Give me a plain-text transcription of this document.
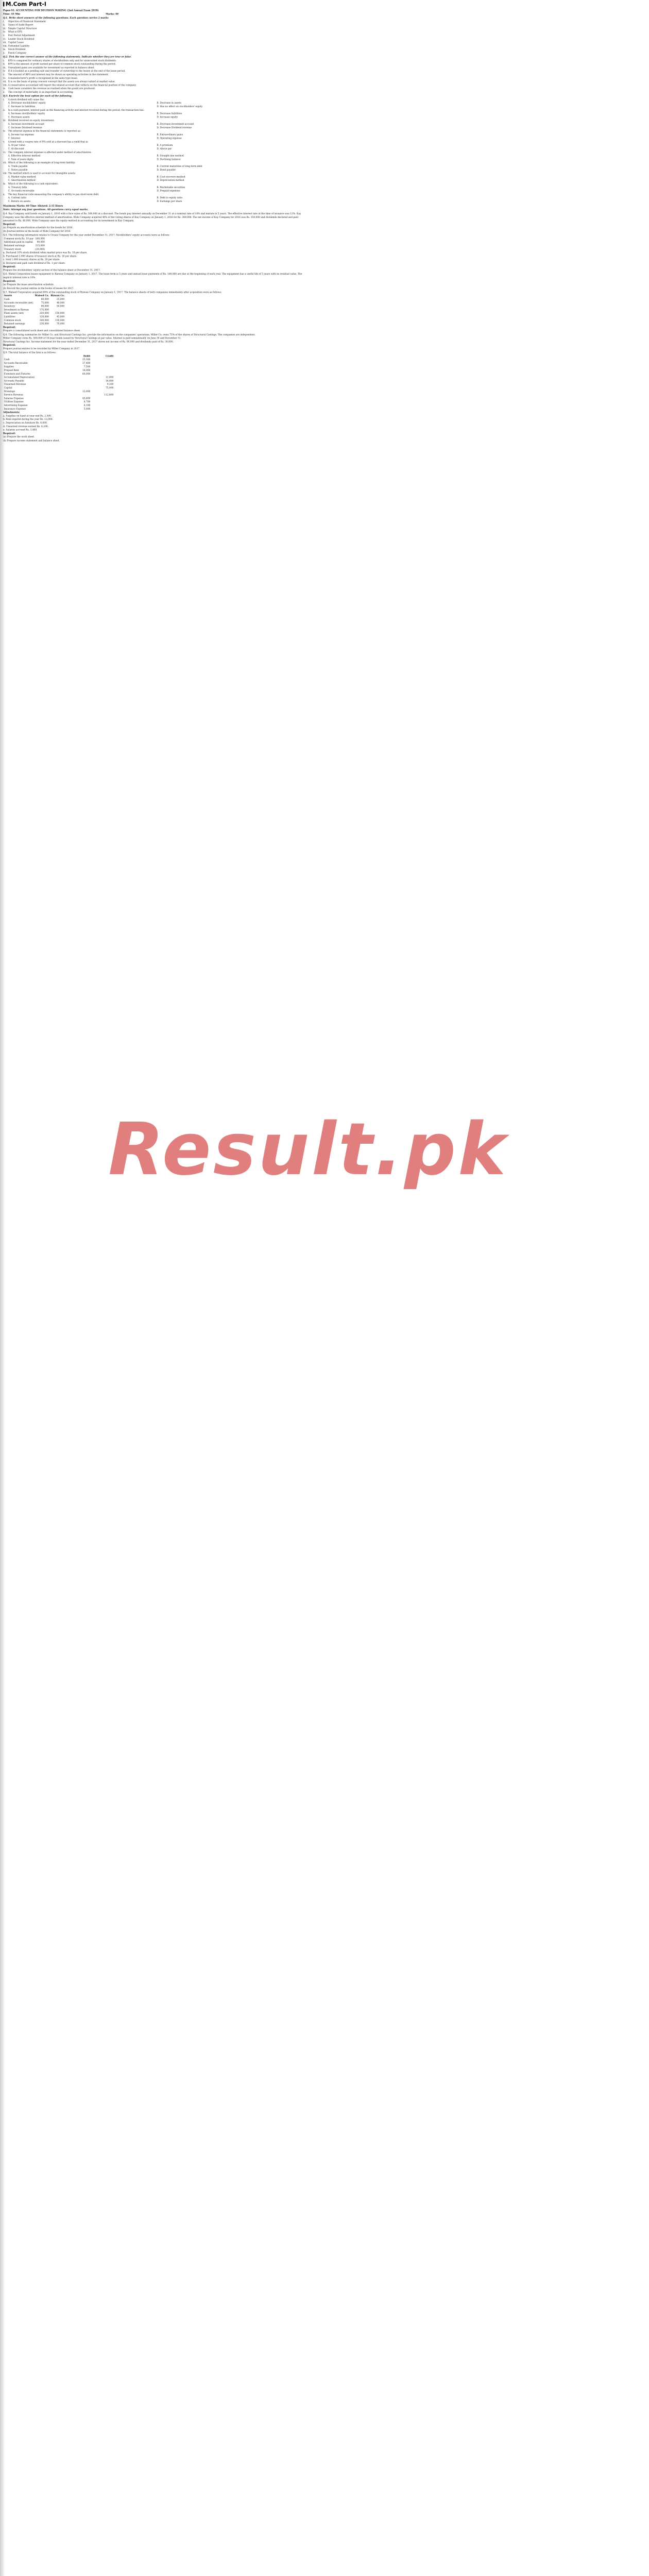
M.Com Part-I
Paper-VI: ACCOUNTING FOR DECISION MAKING (2nd Annual Exam 2018)
Time: 45 Min	Marks: 40
Q.1. Write short answers of the following questions. Each question carries 2 marks
i. Objective of Financial Statement
ii. Types of Audit Report
iii. Simple Capital Structure
iv. What is EPS
v. Post Period Adjustment
vi. Leader Stock Dividend
vii. Capital Lease
viii. Unfunded Liability
ix. Stock Dividend
x. Pason Company
Q.2. Tick the one correct answer of the following statements. Indicate whether they are true or false.
i. EPS is computed for ordinary shares of stockholders only and for unrecorded stock dividends.
ii. EPS is the amount of profit earned per share of common stock outstanding during the period.
iii. Unrealized gains are available for investment as reported in balance sheet.
iv. If it is booked as a pending sale and transfer of ownership to the lessee at the end of the lease period.
v. The amount of BPO and interest may be shown as operating activities in the statement.
vi. A manufacturer's profit is recognized in the sales type lease.
vii. It is on the basis of going concern concept that the assets are always valued at market value.
viii. A conservative accountant will report the related account that reflects on the financial position of the company.
ix. Cash basis considers the revenue as realized when the goods are produced.
x. The concept of materiality is an important in accounting.
Q.3. Encircle the best option for each of the following.
i. A stock dividend will cause the:
A. Decrease stockholders' equity	B. Decrease in assets
C. Increase in liabilities	D. Has no effect on stockholders' equity
ii. In a cash payment, interest paid on the financing activity and interest received during the period, the transaction has:
A. Increase stockholders' equity	B. Decrease liabilities
C. Decrease assets	D. Increase equity
iii. Dividend received on equity investment:
A. Increase investment account	B. Decrease investment account
C. Increase Dividend revenue	D. Decrease Dividend revenue
iv. The interest expense in the financial statements is reported as:
A. Income tax expense	B. Extraordinary gains
C. Interest	D. Operating expense
v. A bond with a coupon rate of 8% sold at a discount has a yield that is:
A. At par value	B. A premium
C. At discount	D. Above par
vi. The company interest expense is affected under method of amortization:
A. Effective interest method	B. Straight-line method
C. Sum of years digits	D. Declining balance
vii. Which of the following is an example of long-term liability:
A. Trade payable	B. Current maturities of long-term debt
C. Notes payable	D. Bond payable
viii. The method which is used to account for intangible assets:
A. Market value method	B. Cost recovery method
C. Amortization method	D. Depreciation method
ix. Which of the following is a cash equivalent:
A. Treasury bills	B. Marketable securities
C. Accounts receivable	D. Prepaid expenses
x. The key financial ratio measuring the company's ability to pay short-term debt:
A. Current ratio	B. Debt to equity ratio
C. Return on assets	D. Earnings per share
Maximum Marks: 60 Time Allowed: 2:15 Hours
Note: Attempt any four questions. All questions carry equal marks.
Q.4. Kay Company sold bonds on January 1, 2016 with a face value of Rs. 500,000 at a discount. The bonds pay interest annually on December 31 at a nominal rate of 10% and mature in 5 years. The effective interest rate at the time of issuance was 12%. Kay Company uses the effective interest method of amortization. Wide Company acquired 40% of the voting shares of Kay Company on January 1, 2016 for Rs. 300,000. The net income of Kay Company for 2016 was Rs. 150,000 and dividends declared and paid amounted to Rs. 40,000. Wide Company uses the equity method in accounting for its investment in Kay Company.
Required:
(a) Prepare an amortization schedule for the bonds for 2016.
(b) Journal entries in the books of Wide Company for 2016.
Q.5. The following information relates to Ocean Company for the year ended December 31, 2017. Stockholders' equity accounts were as follows:
Common stock Rs. 10 par	500,000
Additional paid in capital	90,000
Retained earnings	215,000
Treasury stock	(20,000)
a. Declared 10% stock dividend when market price was Rs. 18 per share.
b. Purchased 2,000 shares of treasury stock at Rs. 16 per share.
c. Sold 1,000 treasury shares at Rs. 20 per share.
d. Declared and paid cash dividend of Rs. 1 per share.
Required:
Prepare the stockholders' equity section of the balance sheet at December 31, 2017.
Q.6. Wahid Corporation leases equipment to Rizwan Company on January 1, 2017. The lease term is 5 years and annual lease payments of Rs. 100,000 are due at the beginning of each year. The equipment has a useful life of 5 years with no residual value. The implicit interest rate is 10%.
Required:
(a) Prepare the lease amortization schedule.
(b) Record the journal entries in the books of lessee for 2017.
Q.7. Waleed Corporation acquired 80% of the outstanding stock of Rizwan Company on January 1, 2017. The balance sheets of both companies immediately after acquisition were as follows:
Assets	Waleed Co.	Rizwan Co.
Cash	60,000	25,000
Accounts receivable (net)	75,000	40,000
Inventory	90,000	50,000
Investment in Rizwan	175,000	
Plant assets (net)	250,000	150,000
Liabilities	120,000	45,000
Common stock	300,000	150,000
Retained earnings	230,000	70,000
Required:
Prepare a consolidated work sheet and consolidated balance sheet.
Q.8. The following summaries for Miller Co. and Structural Castings Inc. provide the information on the companies' operations. Miller Co. owns 75% of the shares of Structural Castings. The companies are independent.
Miller Company owns Rs. 500,000 of 10-year bonds issued by Structural Castings at par value. Interest is paid semiannually on June 30 and December 31.
Structural Castings Inc. Income statement for the year ended December 31, 2017 shows net income of Rs. 80,000 and dividends paid of Rs. 30,000.
Required:
Prepare journal entries to be recorded by Miller Company in 2017.
Q.9. The trial balance of the firm is as follows:
	Debit	Credit
Cash	25,300	
Accounts Receivable	37,400	
Supplies	7,500	
Prepaid Rent	18,000	
Furniture and Fixtures	60,000	
Accumulated Depreciation		12,000
Accounts Payable		16,800
Unearned Revenue		9,200
Capital		75,000
Drawings	12,000	
Service Revenue		112,600
Salaries Expense	45,600	
Utilities Expense	8,700	
Advertising Expense	6,100	
Insurance Expense	5,000	
Adjustments:
a. Supplies on hand at year end Rs. 2,500.
b. Rent expired during the year Rs. 12,000.
c. Depreciation on furniture Rs. 6,000.
d. Unearned revenue earned Rs. 4,200.
e. Salaries accrued Rs. 3,400.
Required:
(a) Prepare the work sheet.
(b) Prepare income statement and balance sheet.
Result.pk
